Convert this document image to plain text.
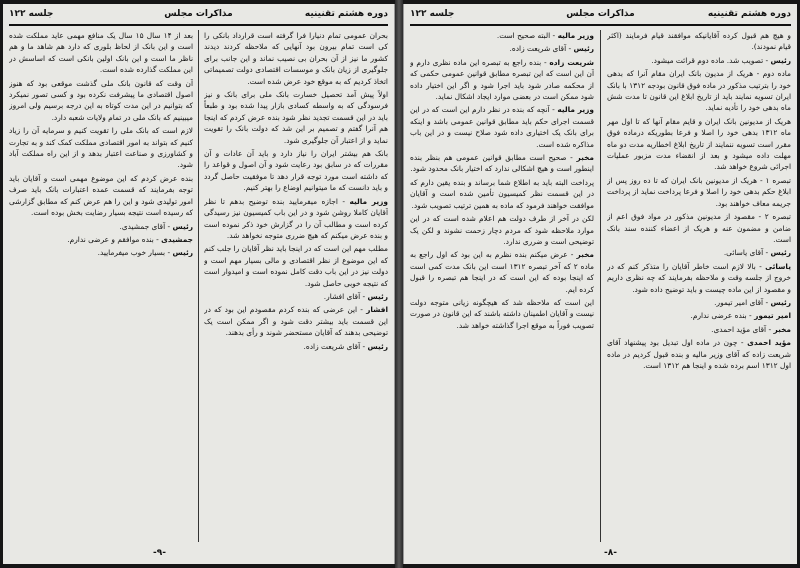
دوره هشتم تقنینیه
مذاکرات مجلس
جلسه ۱۲۲

بحران عمومی تمام دنیارا فرا گرفته است قرارداد بانکی را کی است تمام بیرون بود آنهایی که ملاحظه کردند دیدند کشور ما نیز از آن بحران بی نصیب نماند و این جانب برای جلوگیری از زیان بانک و موسسات اقتصادی دولت تصمیماتی اتخاذ کردیم که به موقع خود عرض شده است.

اولاً پیش آمد تحصیل خسارت بانک ملی برای بانک و نیز فرسودگی که به واسطه کسادی بازار پیدا شده بود و طبعاً باید در این قسمت تجدید نظر شود بنده عرض کردم که اینجا هم آنرا گفتم و تصمیم بر این شد که دولت بانک را تقویت نماید و از اعتبار آن جلوگیری شود.

بانک هم بیشتر ایران را نیاز دارد و باید آن عادات و آن مقررات که در سابق بود رعایت شود و آن اصول و قواعد را که داشته است مورد توجه قرار دهد تا موفقیت حاصل گردد و باید دانست که ما میتوانیم اوضاع را بهتر کنیم.

وزیر مالیه - اجازه میفرمایید بنده توضیح بدهم تا نظر آقایان کاملا روشن شود و در این باب کمیسیون نیز رسیدگی کرده است و مطالب آن را در گزارش خود ذکر نموده است و بنده عرض میکنم که هیچ ضرری متوجه نخواهد شد.

مطلب مهم این است که در اینجا باید نظر آقایان را جلب کنم که این موضوع از نظر اقتصادی و مالی بسیار مهم است و دولت نیز در این باب دقت کامل نموده است و امیدوار است که نتیجه خوبی حاصل شود.

رئیس - آقای افشار.

افشار - این عرضی که بنده کردم مقصودم این بود که در این قسمت باید بیشتر دقت شود و اگر ممکن است یک توضیحی بدهند که آقایان مستحضر شوند و رأی بدهند.

رئیس - آقای شریعت زاده.

بعد از ۱۴ سال ۱۵ سال یک منافع مهمی عاید مملکت شده است و این بانک از لحاظ بلوری که دارد هم شاهد ما و هم ناظر ما است و این بانک اولین بانکی است که اساسش در این مملکت گذارده شده است.

آن وقت که قانون بانک ملی گذشت موقعی بود که هنوز اصول اقتصادی ما پیشرفت نکرده بود و کسی تصور نمیکرد که بتوانیم در این مدت کوتاه به این درجه برسیم ولی امروز میبینیم که بانک ملی در تمام ولایات شعبه دارد.

لازم است که بانک ملی را تقویت کنیم و سرمایه آن را زیاد کنیم که بتواند به امور اقتصادی مملکت کمک کند و به تجارت و کشاورزی و صناعت اعتبار بدهد و از این راه مملکت آباد شود.

بنده عرض کردم که این موضوع مهمی است و آقایان باید توجه بفرمایند که قسمت عمده اعتبارات بانک باید صرف امور تولیدی شود و این را هم عرض کنم که مطابق گزارشی که رسیده است نتیجه بسیار رضایت بخش بوده است.

رئیس - آقای جمشیدی.

جمشیدی - بنده موافقم و عرضی ندارم.

رئیس - بسیار خوب میفرمایید.

-۹-
دوره هشتم تقنینیه
مذاکرات مجلس
جلسه ۱۲۲

و هیچ هم قبول کرده آقایانیکه موافقند قیام فرمایند (اکثر قیام نمودند).

رئیس - تصویب شد. ماده دوم قرائت میشود.

ماده دوم - هریک از مدیون بانک ایران مقام آنرا که بدهی خود را بترتیب مذکور در ماده فوق قانون بودجه ۱۳۱۲ با بانک ایران تسویه نمایند باید از تاریخ ابلاغ این قانون تا مدت شش ماه بدهی خود را تأدیه نماید.

هریک از مدیونین بانک ایران و قایم مقام آنها که تا اول مهر ماه ۱۳۱۲ بدهی خود را اصلا و فرعا بطوریکه درماده فوق مقرر است تسویه ننمایند از تاریخ ابلاغ اخطاریه مدت دو ماه مهلت داده میشود و بعد از انقضاء مدت مزبور عملیات اجرائی شروع خواهد شد.

تبصره ۱ - هریک از مدیونین بانک ایران که تا ده روز پس از ابلاغ حکم بدهی خود را اصلا و فرعا پرداخت نماید از پرداخت جریمه معاف خواهند بود.

تبصره ۲ - مقصود از مدیونین مذکور در مواد فوق اعم از ضامن و مضمون عنه و هریک از اعضاء کننده سند بانک است.

رئیس - آقای یاسائی.

یاسائی - بالا لازم است خاطر آقایان را متذکر کنم که در خروج از جلسه وقت و ملاحظه بفرمایند که چه نظری داریم و مقصود از این ماده چیست و باید توضیح داده شود.

رئیس - آقای امیر تیمور.

امیر تیمور - بنده عرضی ندارم.

مخبر - آقای مؤید احمدی.

مؤید احمدی - چون در ماده اول تبدیل بود پیشنهاد آقای شریعت زاده که آقای وزیر مالیه و بنده قبول کردیم در ماده اول ۱۳۱۲ اسم برده شده و اینجا هم ۱۳۱۲ است.

وزیر مالیه - البته صحیح است.

رئیس - آقای شریعت زاده.

شریعت زاده - بنده راجع به تبصره این ماده نظری دارم و آن این است که این تبصره مطابق قوانین عمومی حکمی که از محکمه صادر شود باید اجرا شود و اگر این اختیار داده شود ممکن است در بعضی موارد ایجاد اشکال نماید.

وزیر مالیه - آنچه که بنده در نظر دارم این است که در این قسمت اجرای حکم باید مطابق قوانین عمومی باشد و اینکه برای بانک یک اختیاری داده شود صلاح نیست و در این باب مذاکره شده است.

مخبر - صحیح است مطابق قوانین عمومی هم بنظر بنده اینطور است و هیچ اشکالی ندارد که اختیار بانک محدود شود.

پرداخت البته باید به اطلاع شما برساند و بنده یقین دارم که در این قسمت نظر کمیسیون تأمین شده است و آقایان موافقت خواهند فرمود که ماده به همین ترتیب تصویب شود.

لکن در آخر از طرف دولت هم اعلام شده است که در این موارد ملاحظه شود که مردم دچار زحمت نشوند و لکن یک توضیحی است و ضرری ندارد.

مخبر - عرض میکنم بنده نظرم به این بود که اول راجع به ماده ۲ که آخر تبصره ۱۳۱۲ است این بانک مدت کمی است که اینجا بوده که این است که در اینجا هم تبصره را قبول کرده ایم.

این است که ملاحظه شد که هیچگونه زیانی متوجه دولت نیست و آقایان اطمینان داشته باشند که این قانون در صورت تصویب فوراً به موقع اجرا گذاشته خواهد شد.

-۸-
